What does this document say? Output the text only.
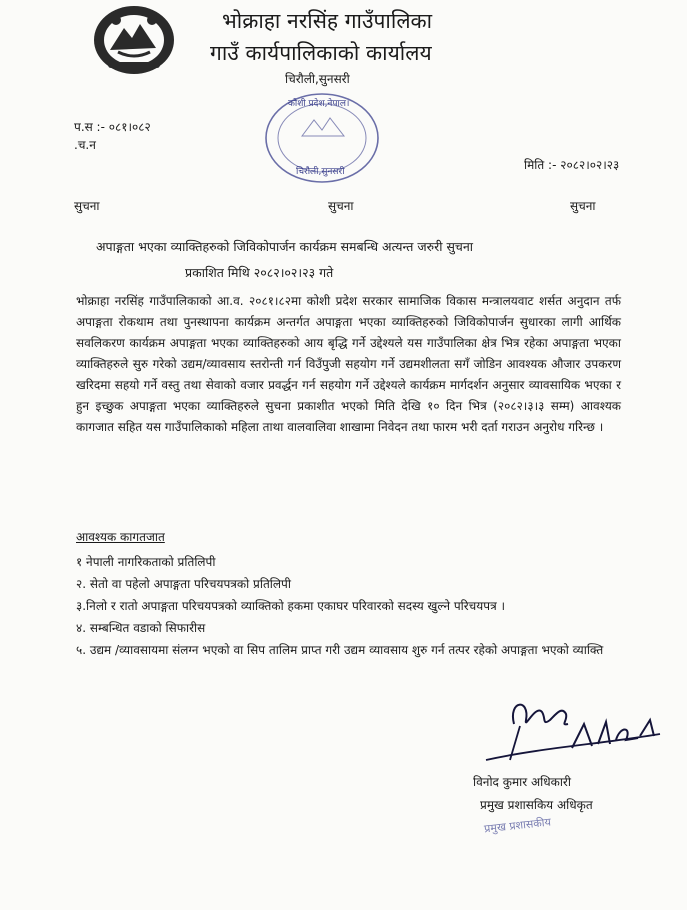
भोक्राहा नरसिंह गाउँपालिका
गाउँ कार्यपालिकाको कार्यालय
चिरौली,सुनसरी
कोशी प्रदेश,नेपाल।
चिरौली,सुनसरी
प.स :- ०८१।०८२
.च.न
मिति :- २०८२।०२।२३
सुचना	सुचना	सुचना
अपाङ्गता भएका व्याक्तिहरुको जिविकोपार्जन कार्यक्रम समबन्धि अत्यन्त जरुरी सुचना
प्रकाशित मिथि २०८२।०२।२३ गते
भोक्राहा नरसिंह गाउँपालिकाको आ.व. २०८१।८२मा कोशी प्रदेश सरकार सामाजिक विकास मन्त्रालयवाट शर्सत अनुदान तर्फ अपाङ्गता रोकथाम तथा पुनस्थापना कार्यक्रम अन्तर्गत अपाङ्गता भएका व्याक्तिहरुको जिविकोपार्जन सुधारका लागी आर्थिक सवलिकरण कार्यक्रम अपाङ्गता भएका व्याक्तिहरुको आय बृद्धि गर्ने उद्देश्यले यस गाउँपालिका क्षेत्र भित्र रहेका अपाङ्गता भएका व्याक्तिहरुले सुरु गरेको उद्यम/व्यावसाय स्तरोन्ती गर्न विउँपुजी सहयोग गर्ने उद्यमशीलता सगँ जोडिन आवश्यक औजार उपकरण खरिदमा सहयो गर्ने वस्तु तथा सेवाको वजार प्रवर्द्धन गर्न सहयोग गर्ने उद्देश्यले कार्यक्रम मार्गदर्शन अनुसार व्यावसायिक भएका र हुन इच्छुक अपाङ्गता भएका व्याक्तिहरुले सुचना प्रकाशीत भएको मिति देखि १० दिन भित्र (२०८२।३।३ सम्म) आवश्यक कागजात सहित यस गाउँपालिकाको महिला ताथा वालवालिवा शाखामा निवेदन तथा फारम भरी दर्ता गराउन अनुरोध गरिन्छ ।
आवश्यक कागतजात
१ नेपाली नागरिकताको प्रतिलिपी
२. सेतो वा पहेलो अपाङ्गता परिचयपत्रको प्रतिलिपी
३.निलो र रातो अपाङ्गता परिचयपत्रको व्याक्तिको हकमा एकाघर परिवारको सदस्य खुल्ने परिचयपत्र ।
४. सम्बन्धित वडाको सिफारीस
५. उद्यम /व्यावसायमा संलग्न भएको वा सिप तालिम प्राप्त गरी उद्यम व्यावसाय शुरु गर्न तत्पर रहेको अपाङ्गता भएको व्याक्ति
विनोद कुमार अधिकारी
प्रमुख प्रशासकिय अधिकृत
प्रमुख प्रशासकीय
